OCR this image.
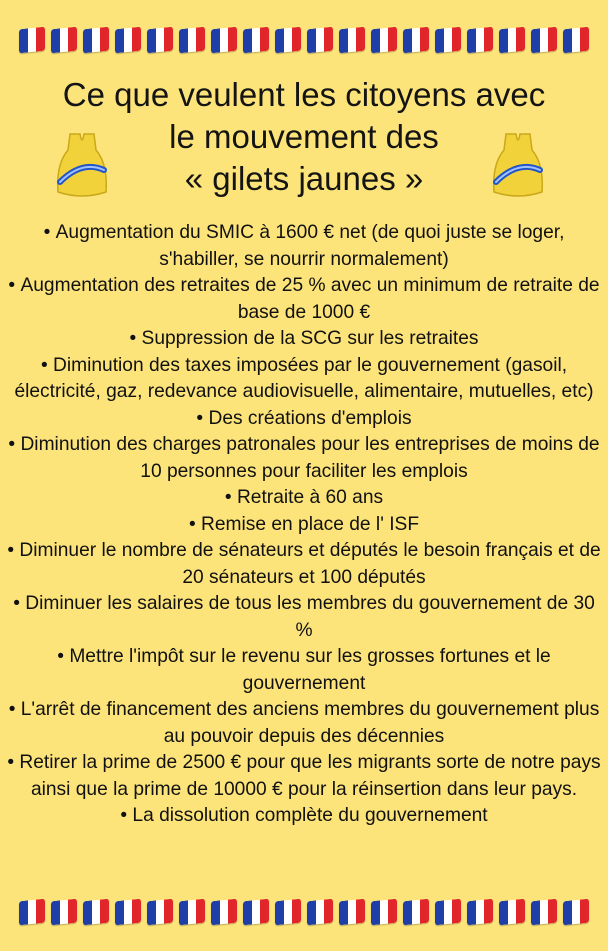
Ce que veulent les citoyens avec
le mouvement des
« gilets jaunes »
• Augmentation du SMIC à 1600 € net (de quoi juste se loger, s'habiller, se nourrir normalement)
• Augmentation des retraites de 25 % avec un minimum de retraite de base de 1000 €
• Suppression de la SCG sur les retraites
• Diminution des taxes imposées par le gouvernement (gasoil, électricité, gaz, redevance audiovisuelle, alimentaire, mutuelles, etc)
• Des créations d'emplois
• Diminution des charges patronales pour les entreprises de moins de 10 personnes pour faciliter les emplois
• Retraite à 60 ans
• Remise en place de l' ISF
• Diminuer le nombre de sénateurs et députés le besoin français et de 20 sénateurs et 100 députés
• Diminuer les salaires de tous les membres du gouvernement de 30 %
• Mettre l'impôt sur le revenu sur les grosses fortunes et le gouvernement
• L'arrêt de financement des anciens membres du gouvernement plus au pouvoir depuis des décennies
• Retirer la prime de 2500 € pour que les migrants sorte de notre pays ainsi que la prime de 10000 € pour la réinsertion dans leur pays.
• La dissolution complète du gouvernement
